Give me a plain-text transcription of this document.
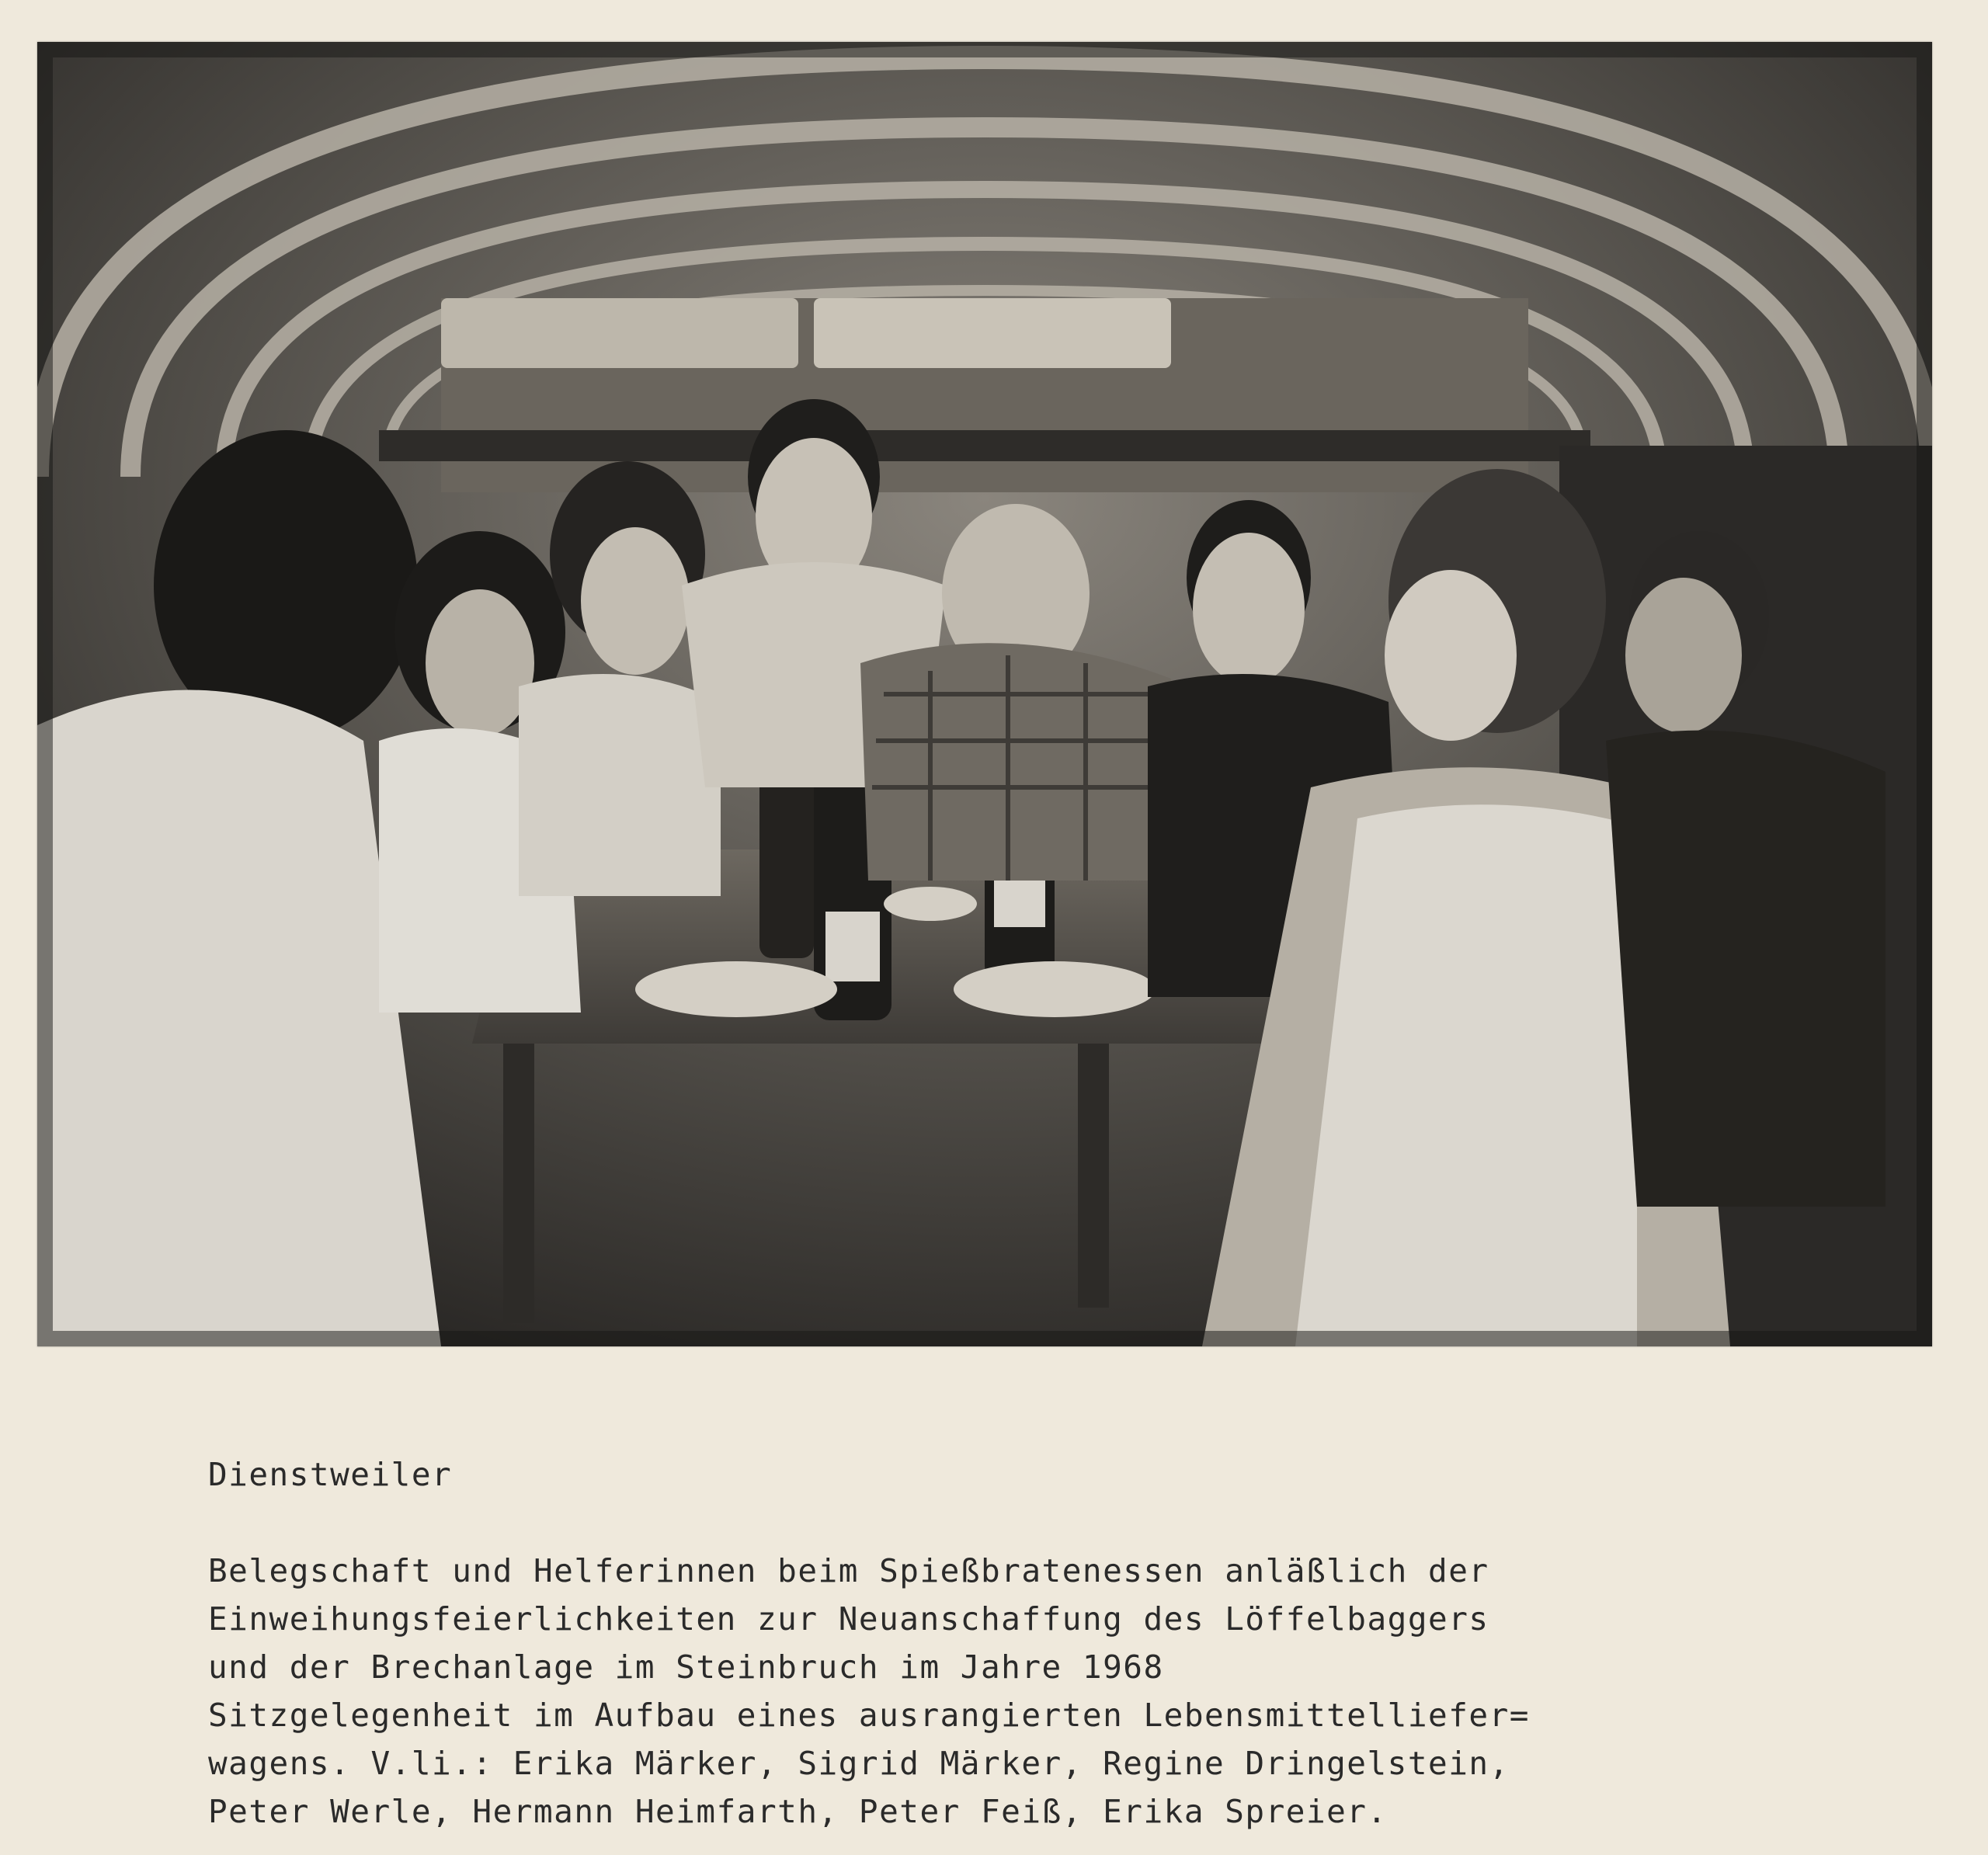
Dienstweiler
Belegschaft und Helferinnen beim Spießbratenessen anläßlich der
Einweihungsfeierlichkeiten zur Neuanschaffung des Löffelbaggers
und der Brechanlage im Steinbruch im Jahre 1968
Sitzgelegenheit im Aufbau eines ausrangierten Lebensmittelliefer=
wagens. V.li.: Erika Märker, Sigrid Märker, Regine Dringelstein,
Peter Werle, Hermann Heimfarth, Peter Feiß, Erika Spreier.
